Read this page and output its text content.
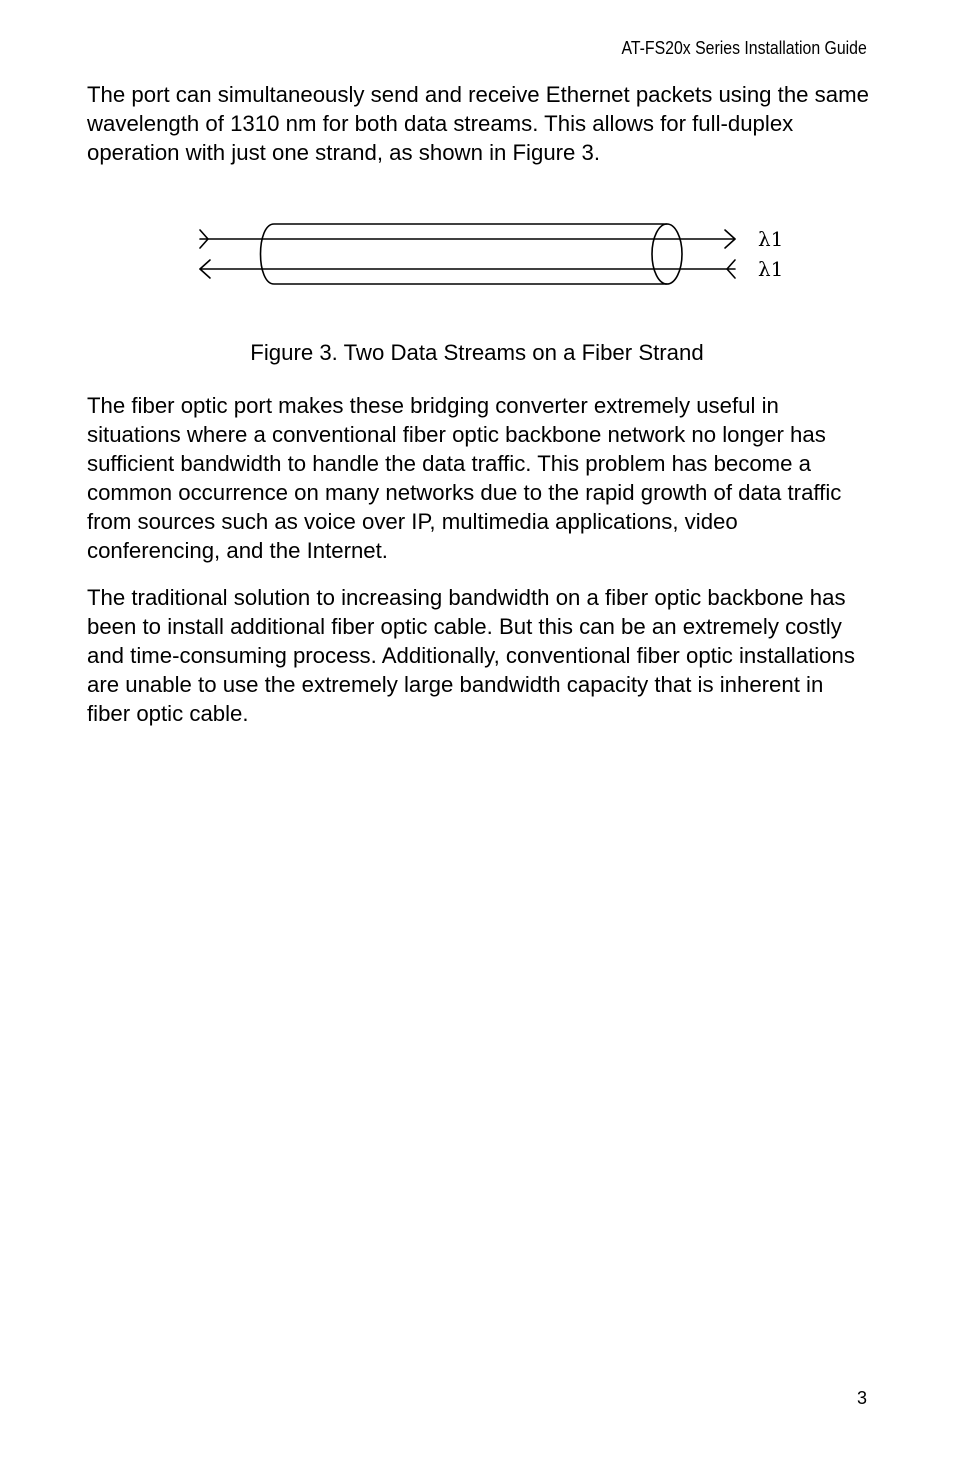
AT-FS20x Series Installation Guide

The port can simultaneously send and receive Ethernet packets using the same wavelength of 1310 nm for both data streams. This allows for full-duplex operation with just one strand, as shown in Figure 3.

λ1
λ1

Figure 3. Two Data Streams on a Fiber Strand

The fiber optic port makes these bridging converter extremely useful in situations where a conventional fiber optic backbone network no longer has sufficient bandwidth to handle the data traffic. This problem has become a common occurrence on many networks due to the rapid growth of data traffic from sources such as voice over IP, multimedia applications, video conferencing, and the Internet.

The traditional solution to increasing bandwidth on a fiber optic backbone has been to install additional fiber optic cable. But this can be an extremely costly and time-consuming process. Additionally, conventional fiber optic installations are unable to use the extremely large bandwidth capacity that is inherent in fiber optic cable.

3
